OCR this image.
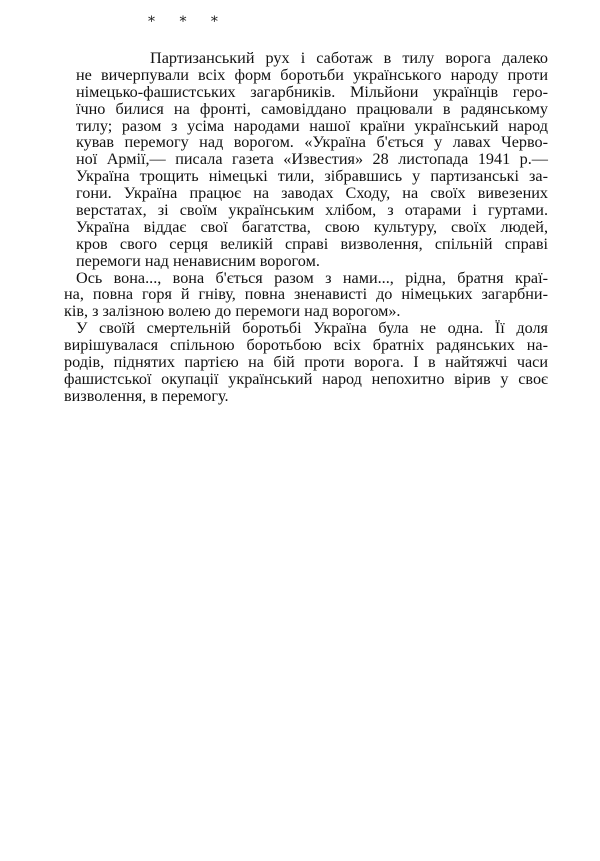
* * *
Партизанський рух і саботаж в тилу ворога далеко
не вичерпували всіх форм боротьби українського народу проти
німецько-фашистських загарбників. Мільйони українців геро-
їчно билися на фронті, самовіддано працювали в радянському
тилу; разом з усіма народами нашої країни український народ
кував перемогу над ворогом. «Україна б'ється у лавах Черво-
ної Армії,— писала газета «Известия» 28 листопада 1941 р.—
Україна трощить німецькі тили, зібравшись у партизанські за-
гони. Україна працює на заводах Сходу, на своїх вивезених
верстатах, зі своїм українським хлібом, з отарами і гуртами.
Україна віддає свої багатства, свою культуру, своїх людей,
кров свого серця великій справі визволення, спільній справі
перемоги над ненависним ворогом.
Ось вона..., вона б'ється разом з нами..., рідна, братня краї-
на, повна горя й гніву, повна зненависті до німецьких загарбни-
ків, з залізною волею до перемоги над ворогом».
У своїй смертельній боротьбі Україна була не одна. Її доля
вирішувалася спільною боротьбою всіх братніх радянських на-
родів, піднятих партією на бій проти ворога. І в найтяжчі часи
фашистської окупації український народ непохитно вірив у своє
визволення, в перемогу.
